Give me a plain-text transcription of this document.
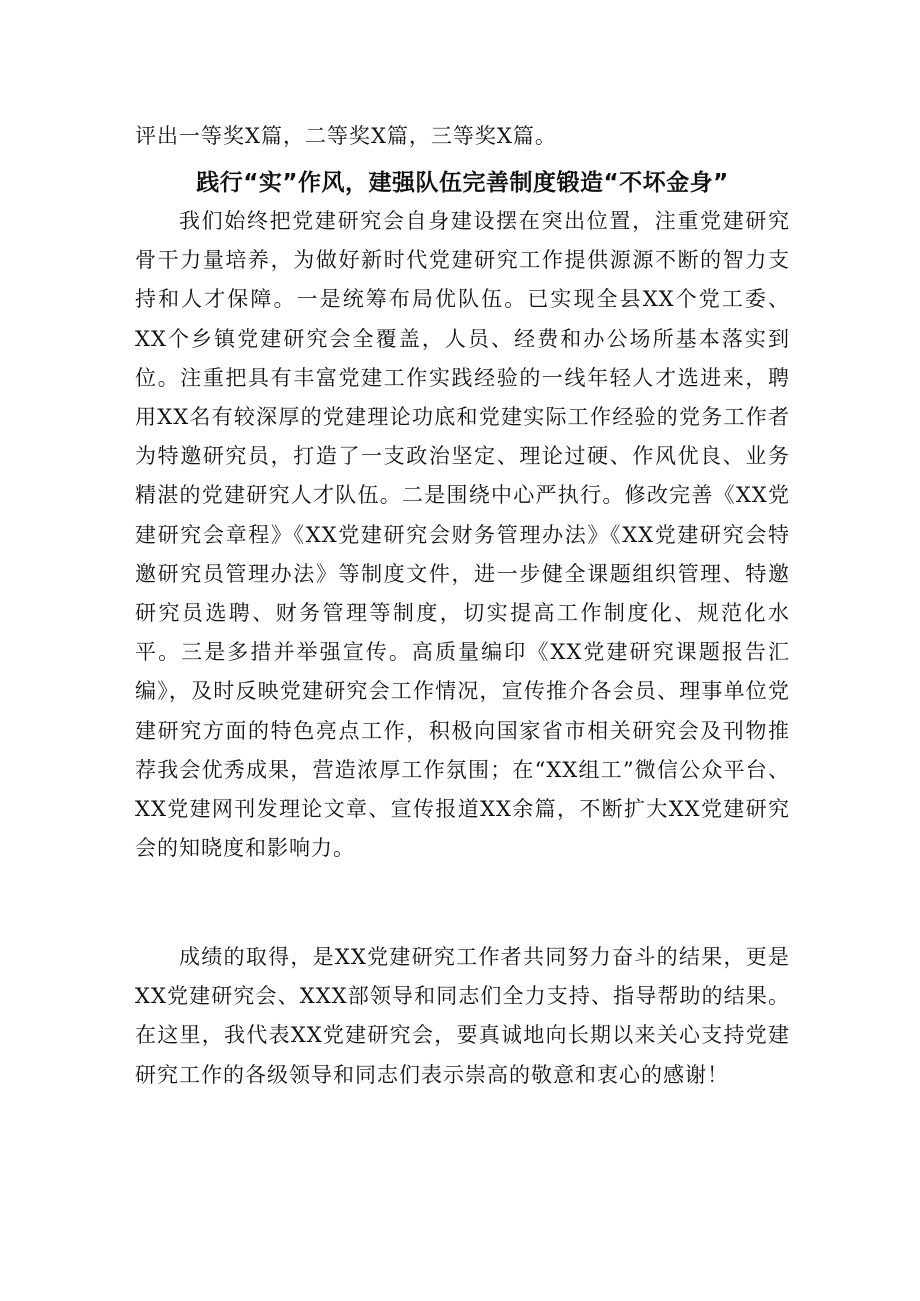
评出一等奖X篇，二等奖X篇，三等奖X篇。

践行“实”作风，建强队伍完善制度锻造“不坏金身”

我们始终把党建研究会自身建设摆在突出位置，注重党建研究骨干力量培养，为做好新时代党建研究工作提供源源不断的智力支持和人才保障。一是统筹布局优队伍。已实现全县XX个党工委、XX个乡镇党建研究会全覆盖，人员、经费和办公场所基本落实到位。注重把具有丰富党建工作实践经验的一线年轻人才选进来，聘用XX名有较深厚的党建理论功底和党建实际工作经验的党务工作者为特邀研究员，打造了一支政治坚定、理论过硬、作风优良、业务精湛的党建研究人才队伍。二是围绕中心严执行。修改完善《XX党建研究会章程》《XX党建研究会财务管理办法》《XX党建研究会特邀研究员管理办法》等制度文件，进一步健全课题组织管理、特邀研究员选聘、财务管理等制度，切实提高工作制度化、规范化水平。三是多措并举强宣传。高质量编印《XX党建研究课题报告汇编》，及时反映党建研究会工作情况，宣传推介各会员、理事单位党建研究方面的特色亮点工作，积极向国家省市相关研究会及刊物推荐我会优秀成果，营造浓厚工作氛围；在“XX组工”微信公众平台、XX党建网刊发理论文章、宣传报道XX余篇，不断扩大XX党建研究会的知晓度和影响力。

成绩的取得，是XX党建研究工作者共同努力奋斗的结果，更是XX党建研究会、XXX部领导和同志们全力支持、指导帮助的结果。在这里，我代表XX党建研究会，要真诚地向长期以来关心支持党建研究工作的各级领导和同志们表示崇高的敬意和衷心的感谢！
